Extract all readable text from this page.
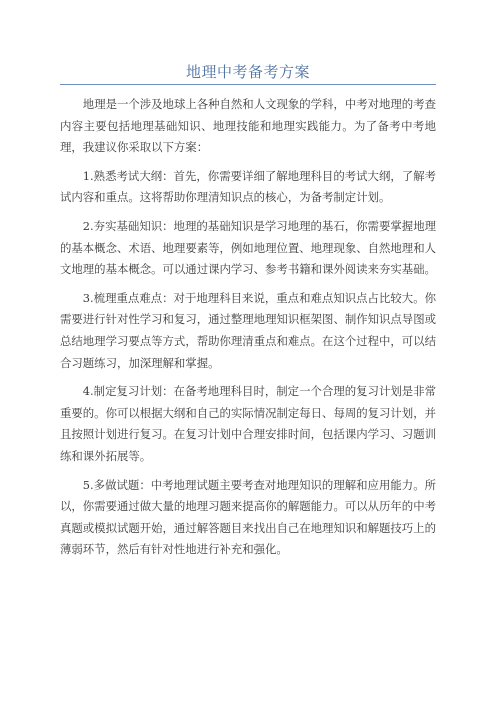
地理中考备考方案

地理是一个涉及地球上各种自然和人文现象的学科，中考对地理的考查内容主要包括地理基础知识、地理技能和地理实践能力。为了备考中考地理，我建议你采取以下方案：

1.熟悉考试大纲：首先，你需要详细了解地理科目的考试大纲，了解考试内容和重点。这将帮助你理清知识点的核心，为备考制定计划。

2.夯实基础知识：地理的基础知识是学习地理的基石，你需要掌握地理的基本概念、术语、地理要素等，例如地理位置、地理现象、自然地理和人文地理的基本概念。可以通过课内学习、参考书籍和课外阅读来夯实基础。

3.梳理重点难点：对于地理科目来说，重点和难点知识点占比较大。你需要进行针对性学习和复习，通过整理地理知识框架图、制作知识点导图或总结地理学习要点等方式，帮助你理清重点和难点。在这个过程中，可以结合习题练习，加深理解和掌握。

4.制定复习计划：在备考地理科目时，制定一个合理的复习计划是非常重要的。你可以根据大纲和自己的实际情况制定每日、每周的复习计划，并且按照计划进行复习。在复习计划中合理安排时间，包括课内学习、习题训练和课外拓展等。

5.多做试题：中考地理试题主要考查对地理知识的理解和应用能力。所以，你需要通过做大量的地理习题来提高你的解题能力。可以从历年的中考真题或模拟试题开始，通过解答题目来找出自己在地理知识和解题技巧上的薄弱环节，然后有针对性地进行补充和强化。
